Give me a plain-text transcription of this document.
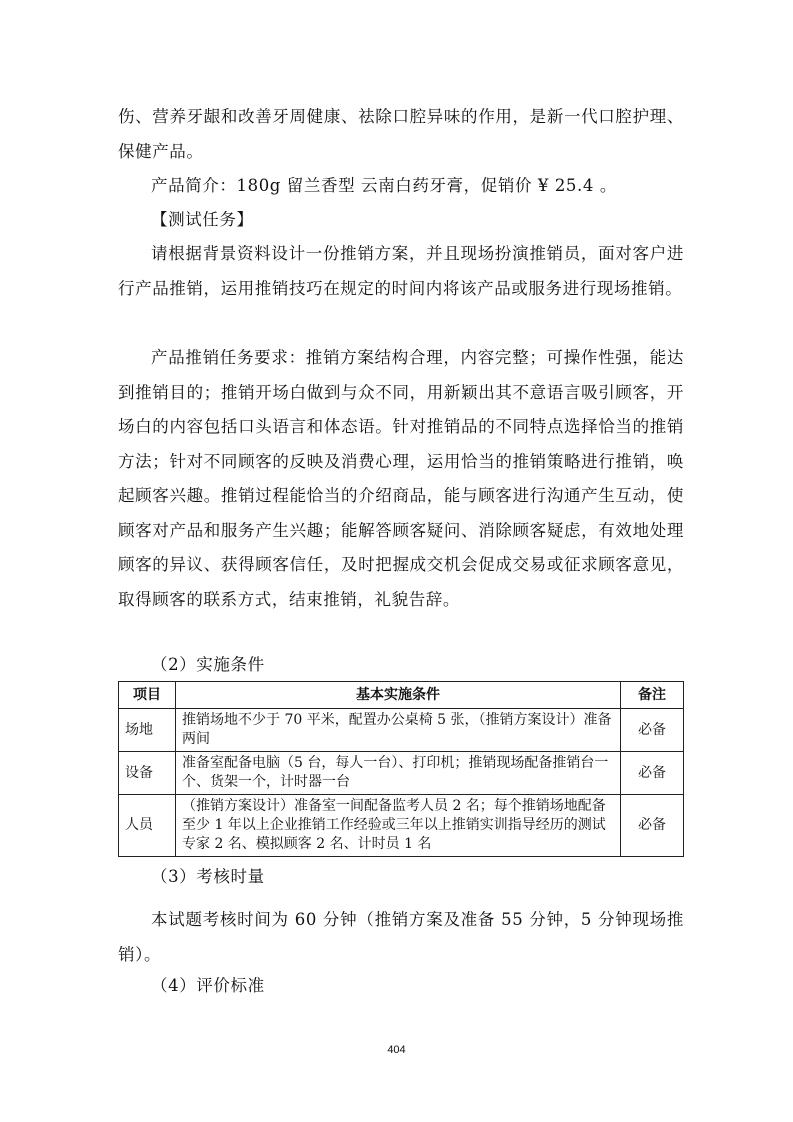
伤、营养牙龈和改善牙周健康、祛除口腔异味的作用，是新一代口腔护理、保健产品。

产品简介：180g 留兰香型 云南白药牙膏，促销价 ¥ 25.4 。

【测试任务】

请根据背景资料设计一份推销方案，并且现场扮演推销员，面对客户进行产品推销，运用推销技巧在规定的时间内将该产品或服务进行现场推销。

产品推销任务要求：推销方案结构合理，内容完整；可操作性强，能达到推销目的；推销开场白做到与众不同，用新颖出其不意语言吸引顾客，开场白的内容包括口头语言和体态语。针对推销品的不同特点选择恰当的推销方法；针对不同顾客的反映及消费心理，运用恰当的推销策略进行推销，唤起顾客兴趣。推销过程能恰当的介绍商品，能与顾客进行沟通产生互动，使顾客对产品和服务产生兴趣；能解答顾客疑问、消除顾客疑虑，有效地处理顾客的异议、获得顾客信任，及时把握成交机会促成交易或征求顾客意见，取得顾客的联系方式，结束推销，礼貌告辞。

（2）实施条件

项目	基本实施条件	备注
场地	推销场地不少于 70 平米，配置办公桌椅 5 张，（推销方案设计）准备两间	必备
设备	准备室配备电脑（5 台，每人一台）、打印机；推销现场配备推销台一个、货架一个，计时器一台	必备
人员	（推销方案设计）准备室一间配备监考人员 2 名；每个推销场地配备至少 1 年以上企业推销工作经验或三年以上推销实训指导经历的测试专家 2 名、模拟顾客 2 名、计时员 1 名	必备

（3）考核时量

本试题考核时间为 60 分钟（推销方案及准备 55 分钟，5 分钟现场推销）。

（4）评价标准

404
